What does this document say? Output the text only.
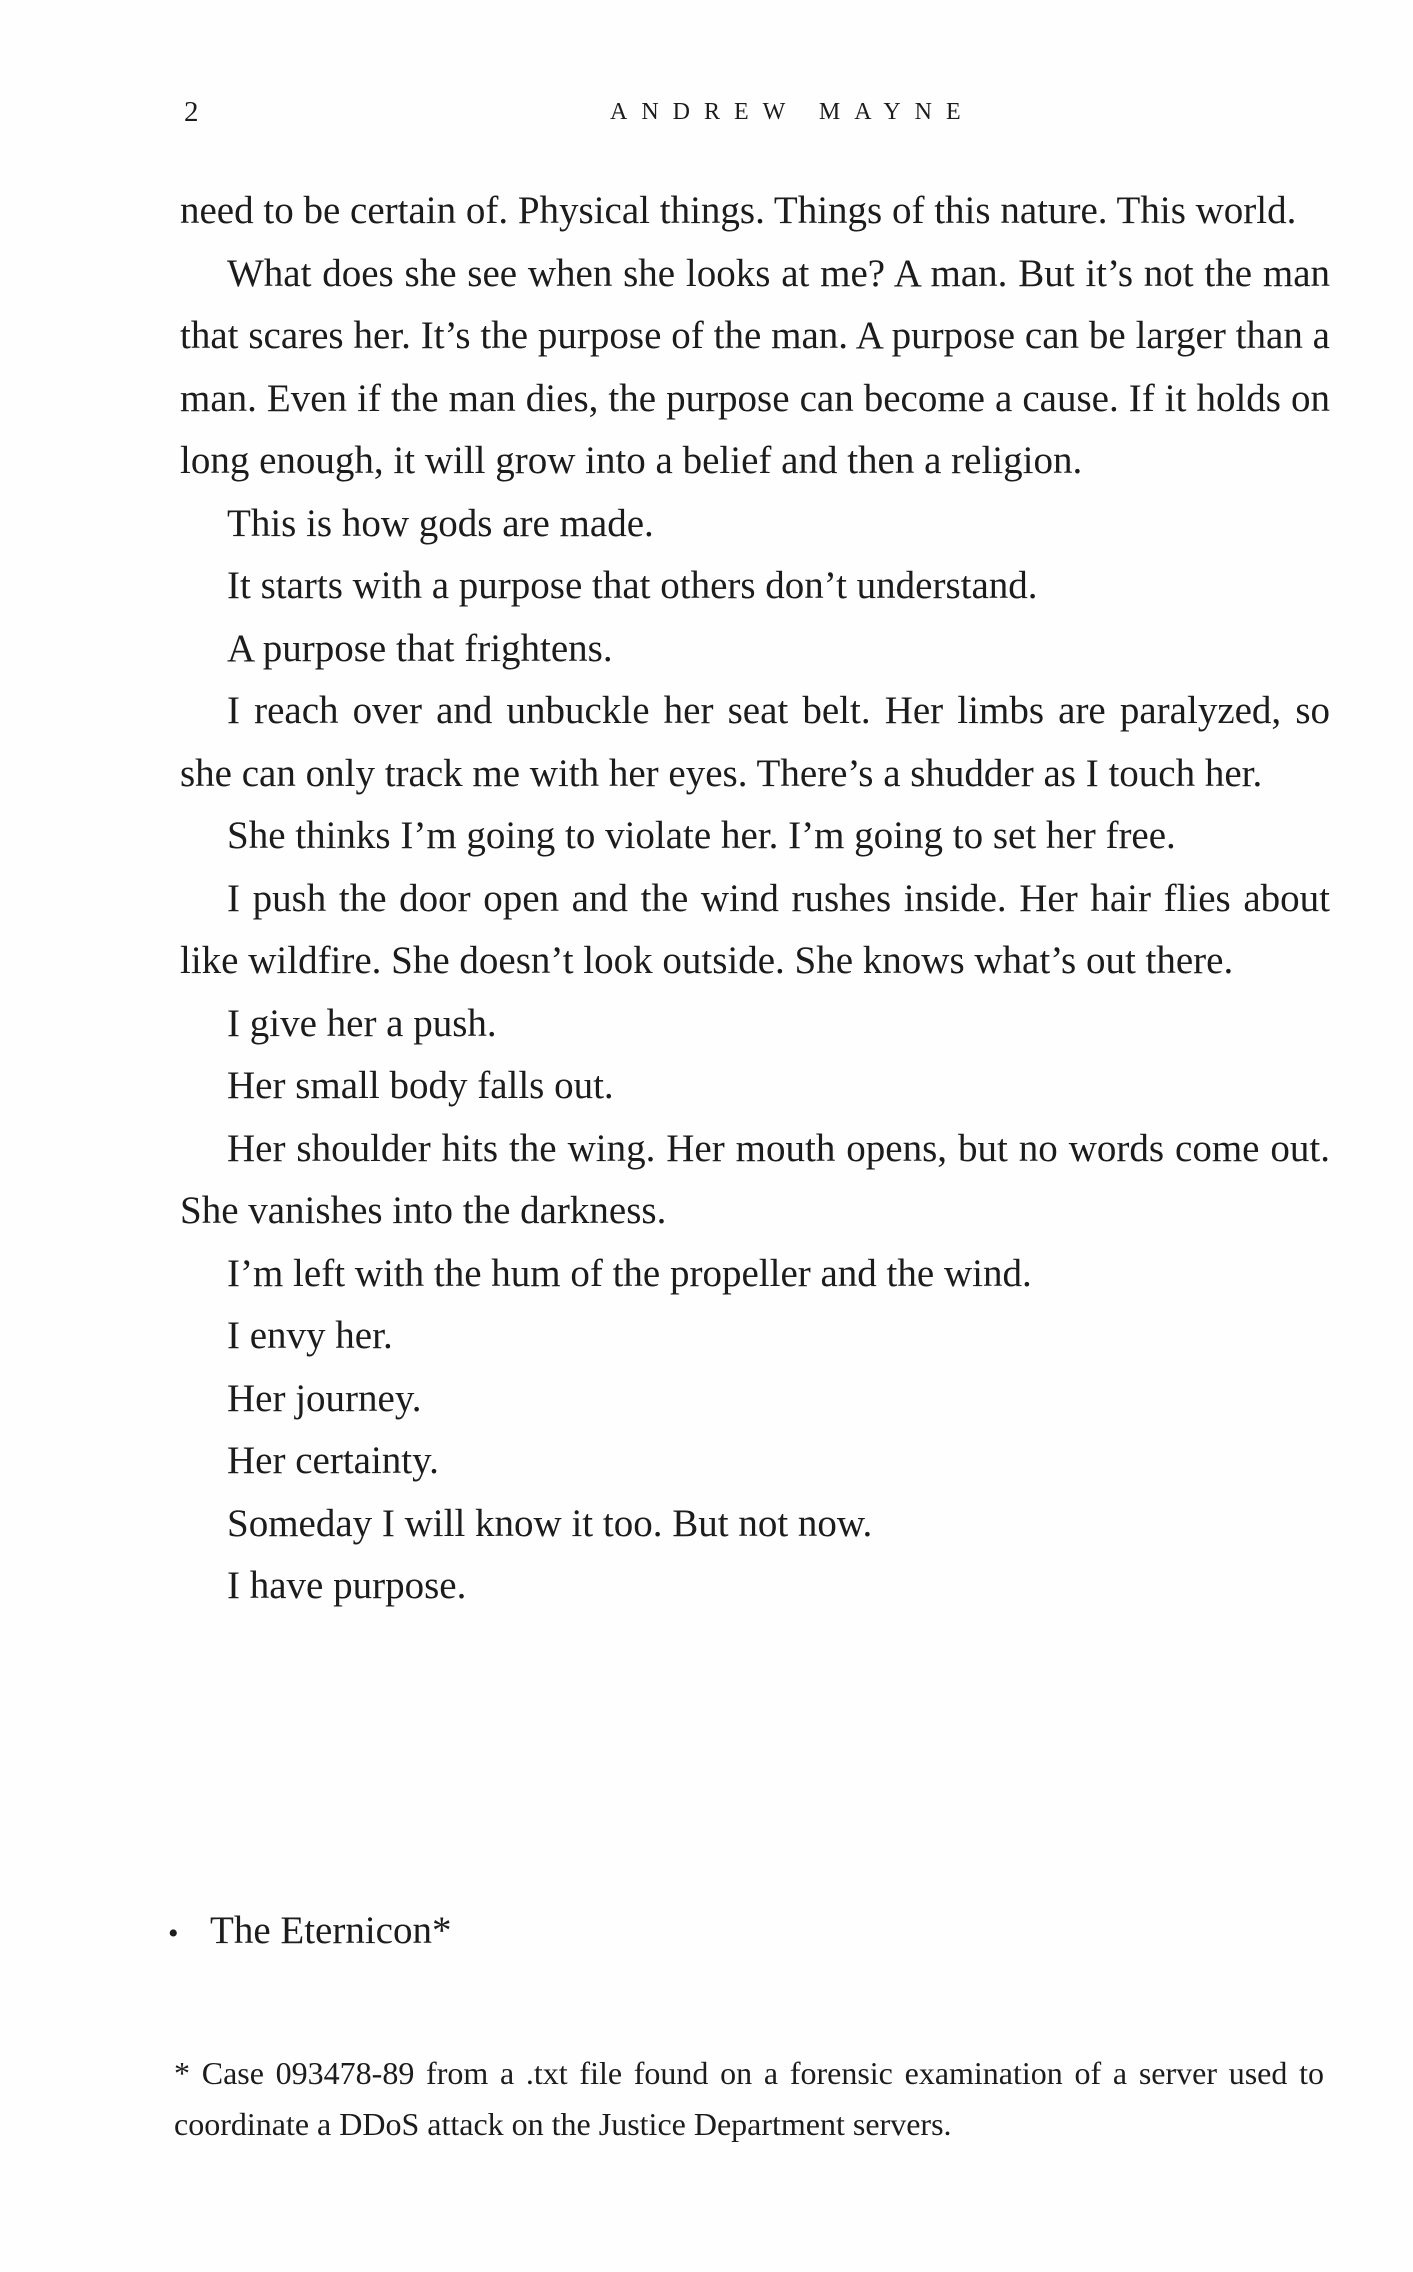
2	ANDREW MAYNE

need to be certain of. Physical things. Things of this nature. This world.

What does she see when she looks at me? A man. But it’s not the man that scares her. It’s the purpose of the man. A purpose can be larger than a man. Even if the man dies, the purpose can become a cause. If it holds on long enough, it will grow into a belief and then a religion.

This is how gods are made.

It starts with a purpose that others don’t understand.

A purpose that frightens.

I reach over and unbuckle her seat belt. Her limbs are paralyzed, so she can only track me with her eyes. There’s a shudder as I touch her.

She thinks I’m going to violate her. I’m going to set her free.

I push the door open and the wind rushes inside. Her hair flies about like wildfire. She doesn’t look outside. She knows what’s out there.

I give her a push.

Her small body falls out.

Her shoulder hits the wing. Her mouth opens, but no words come out. She vanishes into the darkness.

I’m left with the hum of the propeller and the wind.

I envy her.

Her journey.

Her certainty.

Someday I will know it too. But not now.

I have purpose.

• The Eternicon*

* Case 093478-89 from a .txt file found on a forensic examination of a server used to coordinate a DDoS attack on the Justice Department servers.
